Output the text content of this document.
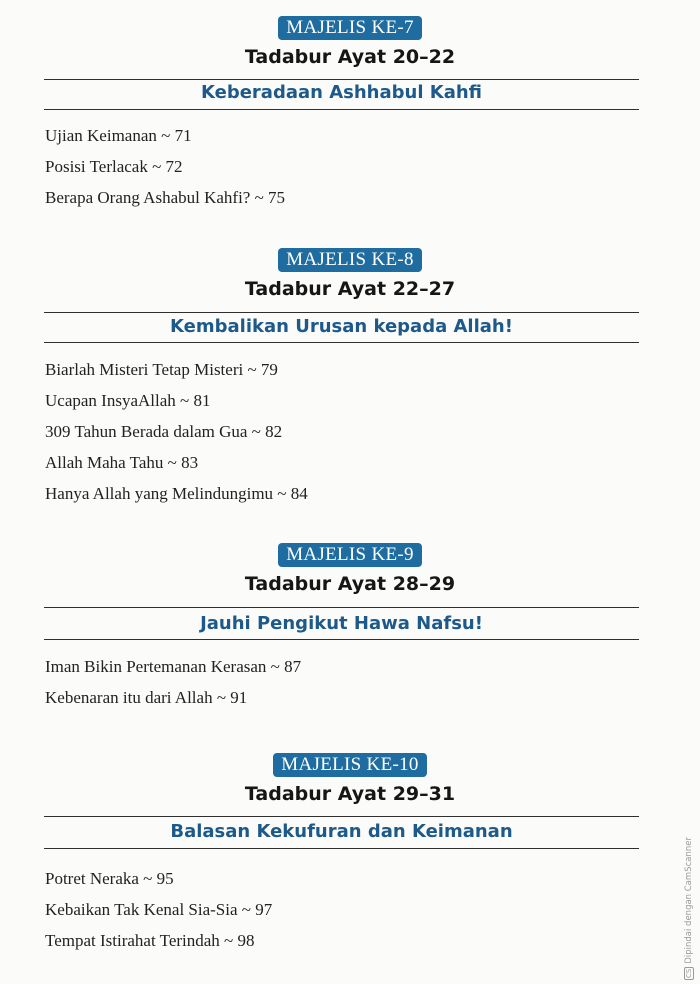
MAJELIS KE-7
Tadabur Ayat 20–22
Keberadaan Ashhabul Kahfi
Ujian Keimanan ~ 71
Posisi Terlacak ~ 72
Berapa Orang Ashabul Kahfi? ~ 75
MAJELIS KE-8
Tadabur Ayat 22–27
Kembalikan Urusan kepada Allah!
Biarlah Misteri Tetap Misteri ~ 79
Ucapan InsyaAllah ~ 81
309 Tahun Berada dalam Gua ~ 82
Allah Maha Tahu ~ 83
Hanya Allah yang Melindungimu ~ 84
MAJELIS KE-9
Tadabur Ayat 28–29
Jauhi Pengikut Hawa Nafsu!
Iman Bikin Pertemanan Kerasan ~ 87
Kebenaran itu dari Allah ~ 91
MAJELIS KE-10
Tadabur Ayat 29–31
Balasan Kekufuran dan Keimanan
Potret Neraka ~ 95
Kebaikan Tak Kenal Sia-Sia ~ 97
Tempat Istirahat Terindah ~ 98
CSDipindai dengan CamScanner
